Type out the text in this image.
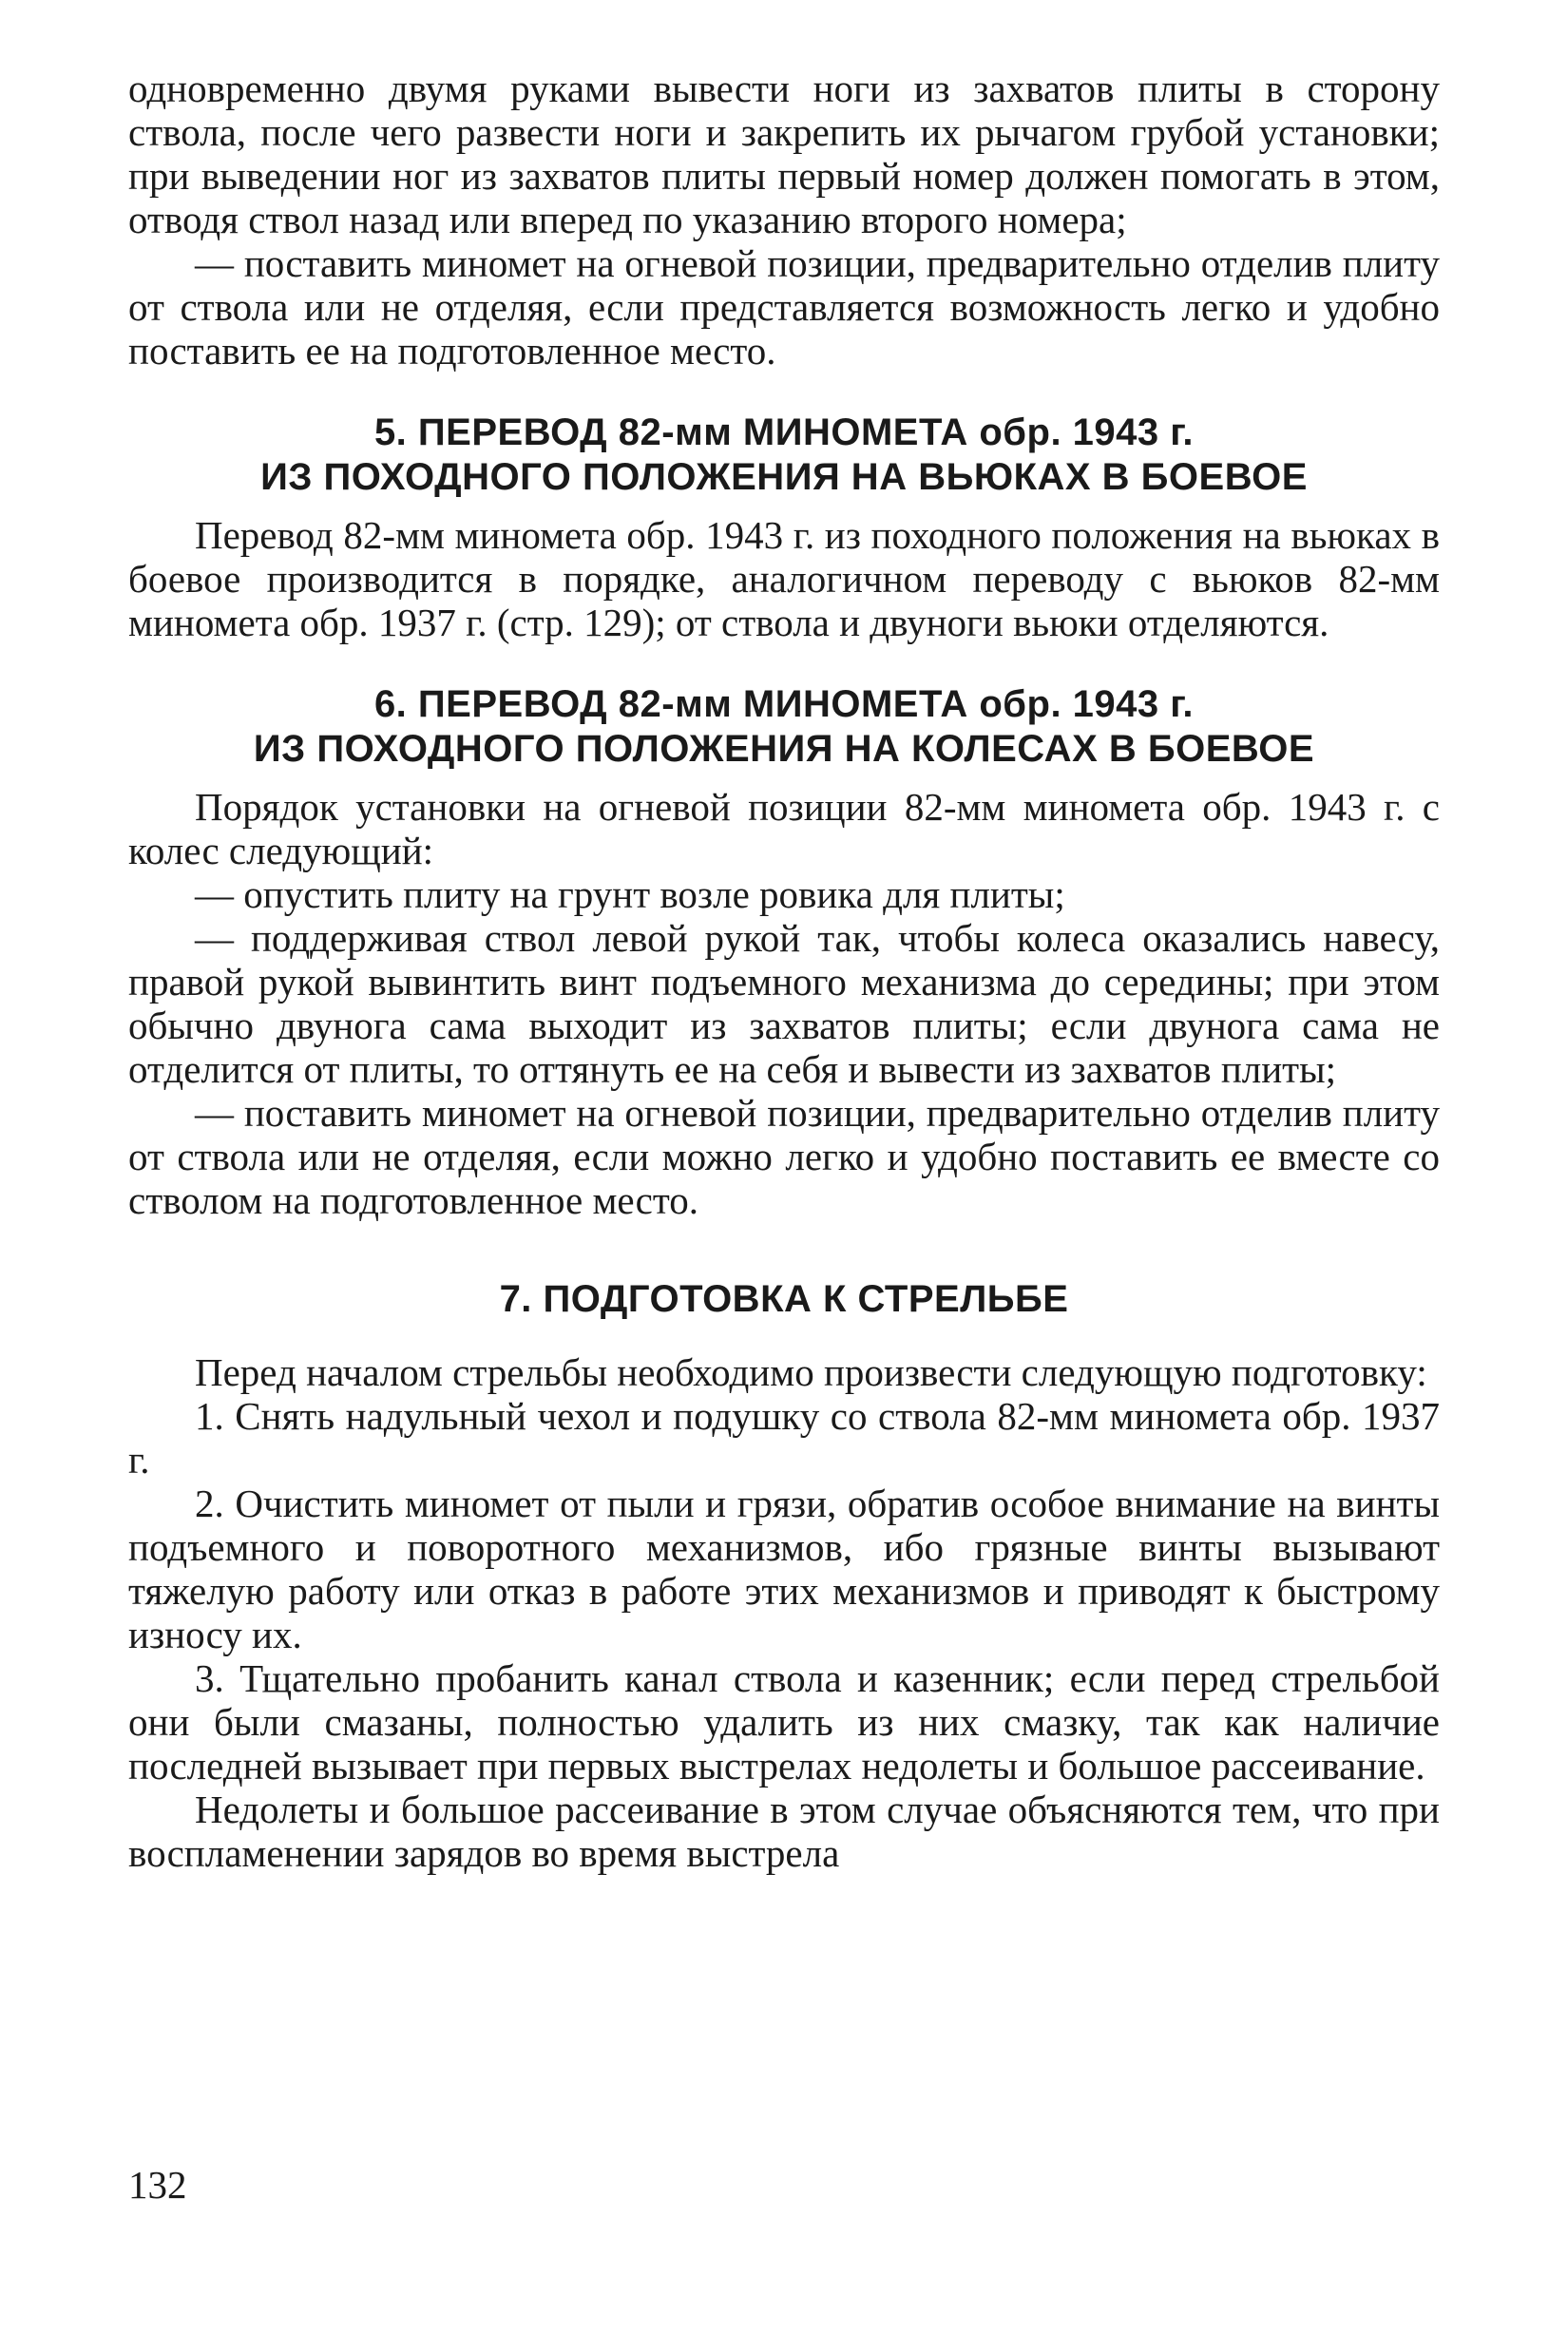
одновременно двумя руками вывести ноги из захватов плиты в сторону ствола, после чего развести ноги и закрепить их рычагом грубой установки; при выведении ног из захватов плиты первый номер должен помогать в этом, отводя ствол назад или вперед по указанию второго номера;

— поставить миномет на огневой позиции, предварительно отделив плиту от ствола или не отделяя, если представляется возможность легко и удобно поставить ее на подготовленное место.

5. ПЕРЕВОД 82-мм МИНОМЕТА обр. 1943 г.

ИЗ ПОХОДНОГО ПОЛОЖЕНИЯ НА ВЬЮКАХ В БОЕВОЕ

Перевод 82-мм миномета обр. 1943 г. из походного положения на вьюках в боевое производится в порядке, аналогичном переводу с вьюков 82-мм миномета обр. 1937 г. (стр. 129); от ствола и двуноги вьюки отделяются.

6. ПЕРЕВОД 82-мм МИНОМЕТА обр. 1943 г.

ИЗ ПОХОДНОГО ПОЛОЖЕНИЯ НА КОЛЕСАХ В БОЕВОЕ

Порядок установки на огневой позиции 82-мм миномета обр. 1943 г. с колес следующий:

— опустить плиту на грунт возле ровика для плиты;

— поддерживая ствол левой рукой так, чтобы колеса оказались навесу, правой рукой вывинтить винт подъемного механизма до середины; при этом обычно двунога сама выходит из захватов плиты; если двунога сама не отделится от плиты, то оттянуть ее на себя и вывести из захватов плиты;

— поставить миномет на огневой позиции, предварительно отделив плиту от ствола или не отделяя, если можно легко и удобно поставить ее вместе со стволом на подготовленное место.

7. ПОДГОТОВКА К СТРЕЛЬБЕ

Перед началом стрельбы необходимо произвести следующую подготовку:

1. Снять надульный чехол и подушку со ствола 82-мм миномета обр. 1937 г.

2. Очистить миномет от пыли и грязи, обратив особое внимание на винты подъемного и поворотного механизмов, ибо грязные винты вызывают тяжелую работу или отказ в работе этих механизмов и приводят к быстрому износу их.

3. Тщательно пробанить канал ствола и казенник; если перед стрельбой они были смазаны, полностью удалить из них смазку, так как наличие последней вызывает при первых выстрелах недолеты и большое рассеивание.

Недолеты и большое рассеивание в этом случае объясняются тем, что при воспламенении зарядов во время выстрела

132
